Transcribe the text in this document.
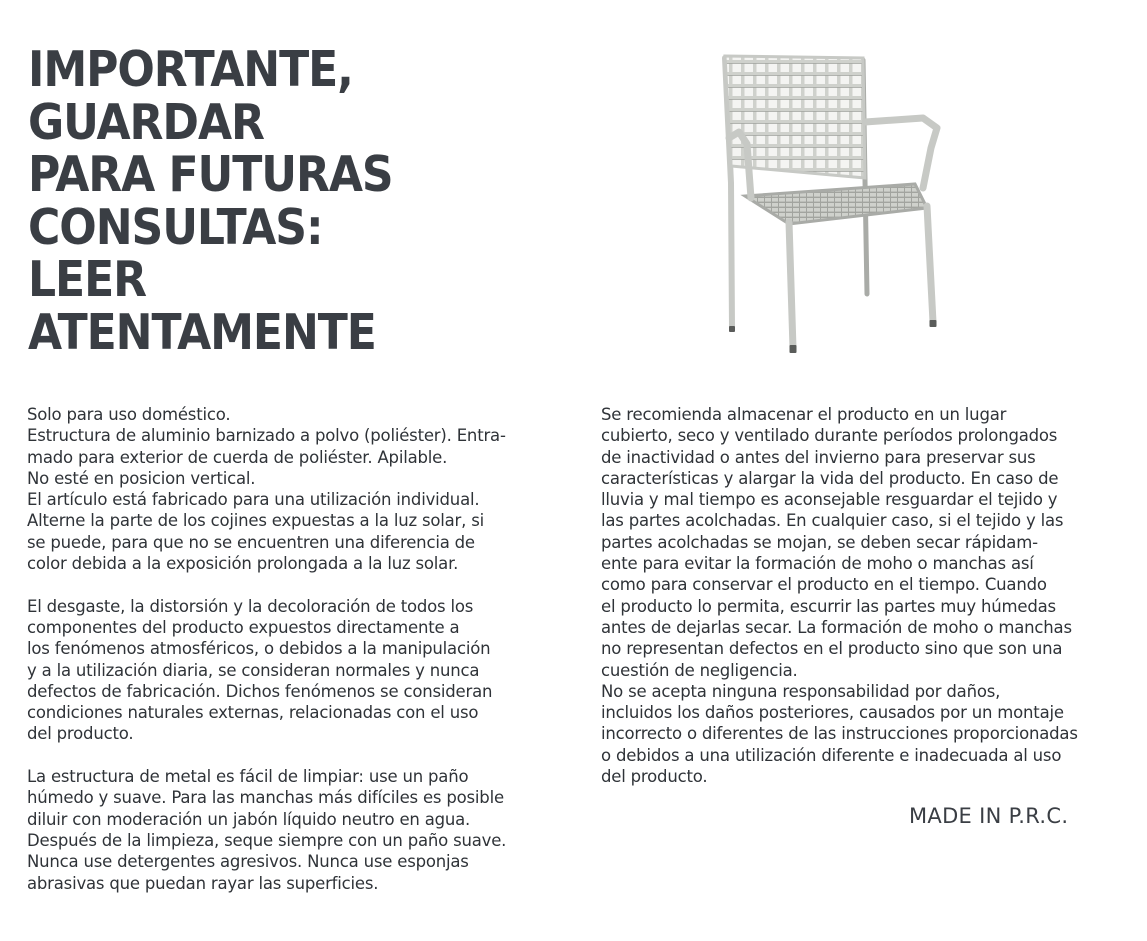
IMPORTANTE,
GUARDAR
PARA FUTURAS
CONSULTAS:
LEER
ATENTAMENTE
Solo para uso doméstico.
Estructura de aluminio barnizado a polvo (poliéster). Entra-
mado para exterior de cuerda de poliéster. Apilable.
No esté en posicion vertical.
El artículo está fabricado para una utilización individual.
Alterne la parte de los cojines expuestas a la luz solar, si
se puede, para que no se encuentren una diferencia de
color debida a la exposición prolongada a la luz solar.
El desgaste, la distorsión y la decoloración de todos los
componentes del producto expuestos directamente a
los fenómenos atmosféricos, o debidos a la manipulación
y a la utilización diaria, se consideran normales y nunca
defectos de fabricación. Dichos fenómenos se consideran
condiciones naturales externas, relacionadas con el uso
del producto.
La estructura de metal es fácil de limpiar: use un paño
húmedo y suave. Para las manchas más difíciles es posible
diluir con moderación un jabón líquido neutro en agua.
Después de la limpieza, seque siempre con un paño suave.
Nunca use detergentes agresivos. Nunca use esponjas
abrasivas que puedan rayar las superficies.
Se recomienda almacenar el producto en un lugar
cubierto, seco y ventilado durante períodos prolongados
de inactividad o antes del invierno para preservar sus
características y alargar la vida del producto. En caso de
lluvia y mal tiempo es aconsejable resguardar el tejido y
las partes acolchadas. En cualquier caso, si el tejido y las
partes acolchadas se mojan, se deben secar rápidam-
ente para evitar la formación de moho o manchas así
como para conservar el producto en el tiempo. Cuando
el producto lo permita, escurrir las partes muy húmedas
antes de dejarlas secar. La formación de moho o manchas
no representan defectos en el producto sino que son una
cuestión de negligencia.
No se acepta ninguna responsabilidad por daños,
incluidos los daños posteriores, causados por un montaje
incorrecto o diferentes de las instrucciones proporcionadas
o debidos a una utilización diferente e inadecuada al uso
del producto.
MADE IN P.R.C.
